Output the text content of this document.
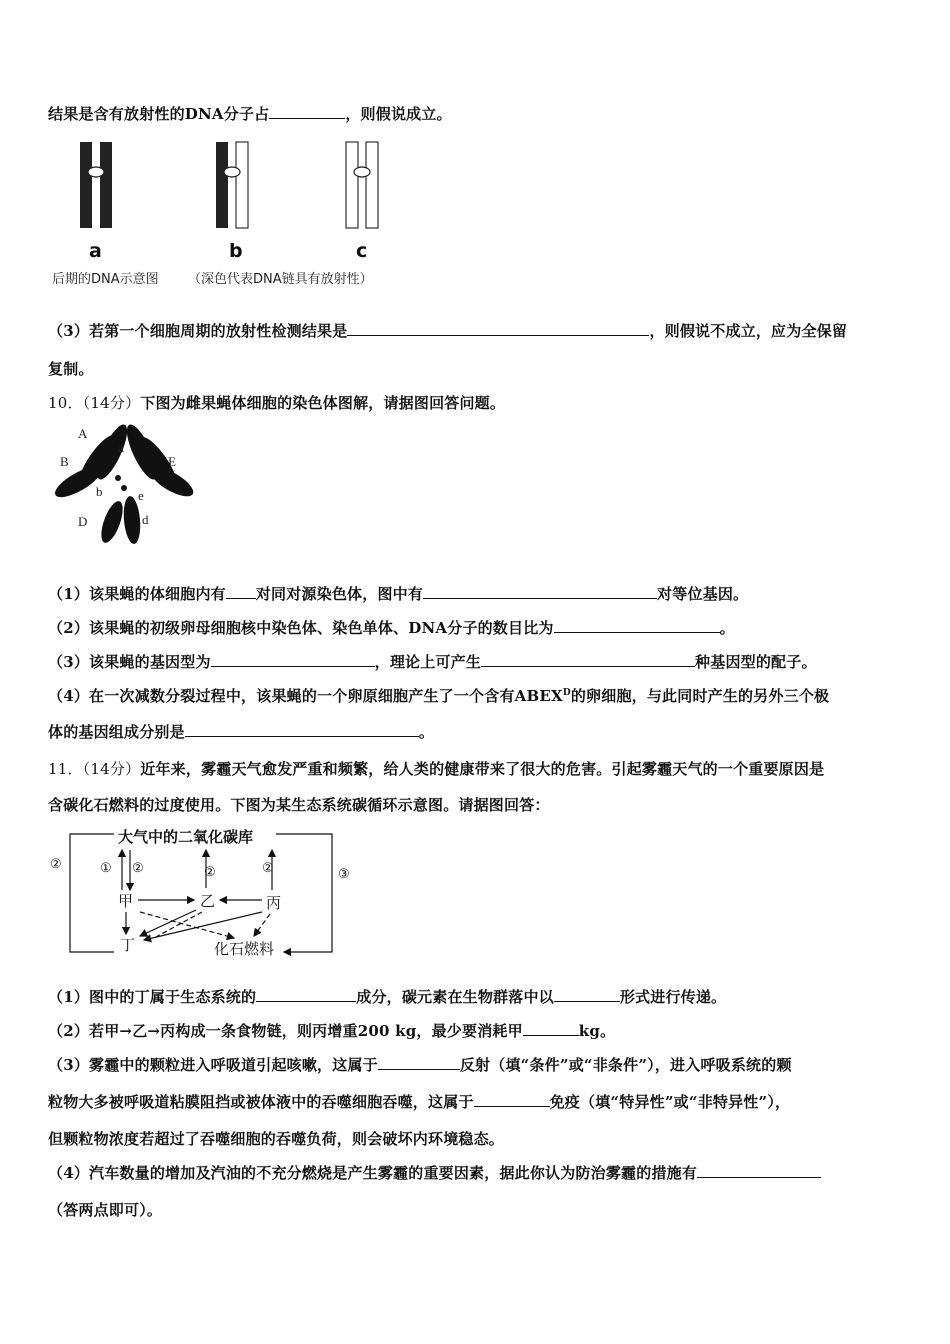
结果是含有放射性的DNA分子占	，则假说成立。
a	b	c
后期的DNA示意图 （深色代表DNA链具有放射性）
（3）若第一个细胞周期的放射性检测结果是	，则假说不成立，应为全保留
复制。
10．（14分）下图为雌果蝇体细胞的染色体图解，请据图回答问题。
A
a
B
b
E
e
D	d
（1）该果蝇的体细胞内有 对同对源染色体，图中有	对等位基因。
（2）该果蝇的初级卵母细胞核中染色体、染色单体、DNA分子的数目比为	。
（3）该果蝇的基因型为	，理论上可产生	种基因型的配子。
（4）在一次减数分裂过程中，该果蝇的一个卵原细胞产生了一个含有$ABEX^D$的卵细胞，与此同时产生的另外三个极
体的基因组成分别是	。
11．（14分）近年来，雾霾天气愈发严重和频繁，给人类的健康带来了很大的危害。引起雾霾天气的一个重要原因是
含碳化石燃料的过度使用。下图为某生态系统碳循环示意图。请据图回答：
大气中的二氧化碳库
甲	乙	丙
丁	化石燃料
②	① ②	②	②	③
（1）图中的丁属于生态系统的	成分，碳元素在生物群落中以	形式进行传递。
（2）若甲→乙→丙构成一条食物链，则丙增重200 kg，最少要消耗甲	kg。
（3）雾霾中的颗粒进入呼吸道引起咳嗽，这属于	反射（填“条件”或“非条件”），进入呼吸系统的颗
粒物大多被呼吸道粘膜阻挡或被体液中的吞噬细胞吞噬，这属于	免疫（填“特异性”或“非特异性”），
但颗粒物浓度若超过了吞噬细胞的吞噬负荷，则会破坏内环境稳态。
（4）汽车数量的增加及汽油的不充分燃烧是产生雾霾的重要因素，据此你认为防治雾霾的措施有
（答两点即可）。
